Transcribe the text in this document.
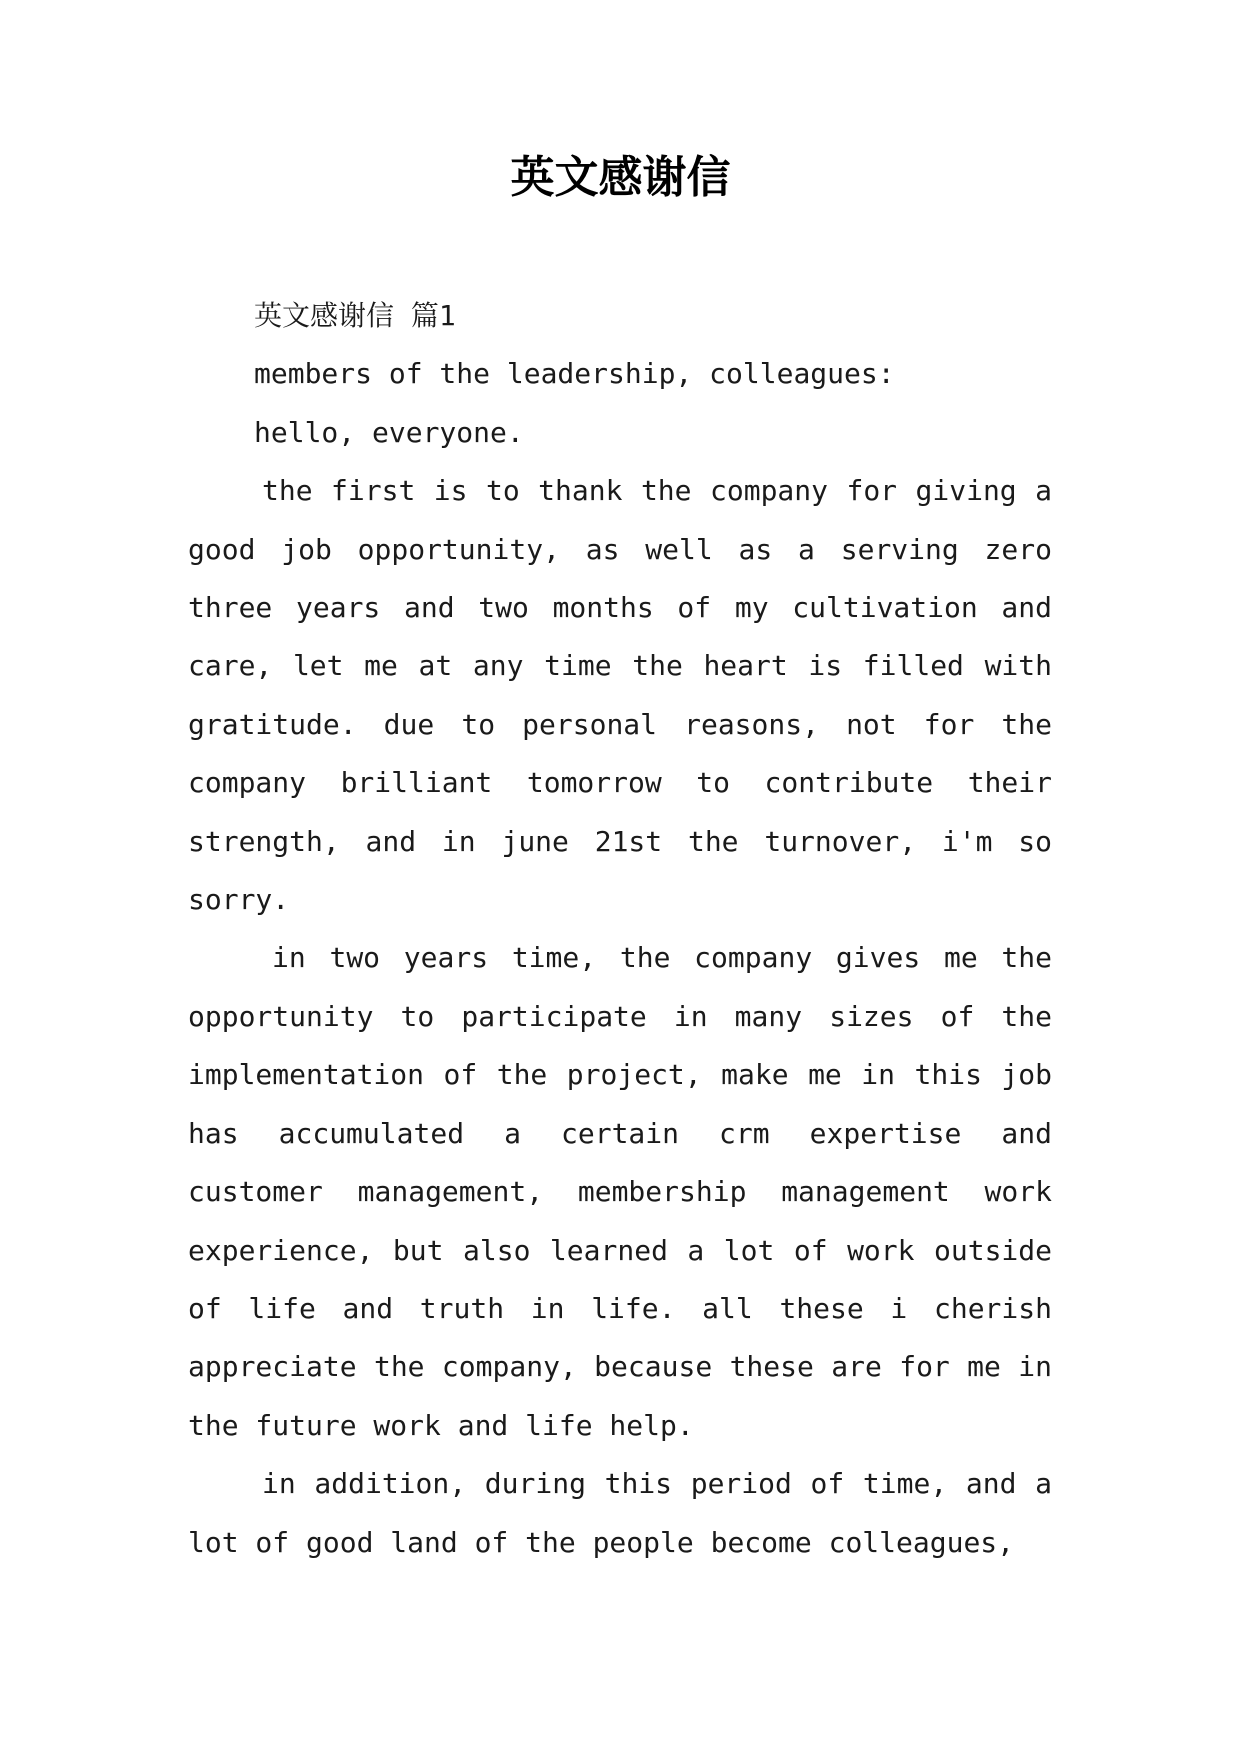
英文感谢信

英文感谢信 篇1

members of the leadership, colleagues:

hello, everyone.

the first is to thank the company for giving a good job opportunity, as well as a serving zero three years and two months of my cultivation and care, let me at any time the heart is filled with gratitude. due to personal reasons, not for the company brilliant tomorrow to contribute their strength, and in june 21st the turnover, i'm so sorry.

in two years time, the company gives me the opportunity to participate in many sizes of the implementation of the project, make me in this job has accumulated a certain crm expertise and customer management, membership management work experience, but also learned a lot of work outside of life and truth in life. all these i cherish appreciate the company, because these are for me in the future work and life help.

in addition, during this period of time, and a lot of good land of the people become colleagues,
